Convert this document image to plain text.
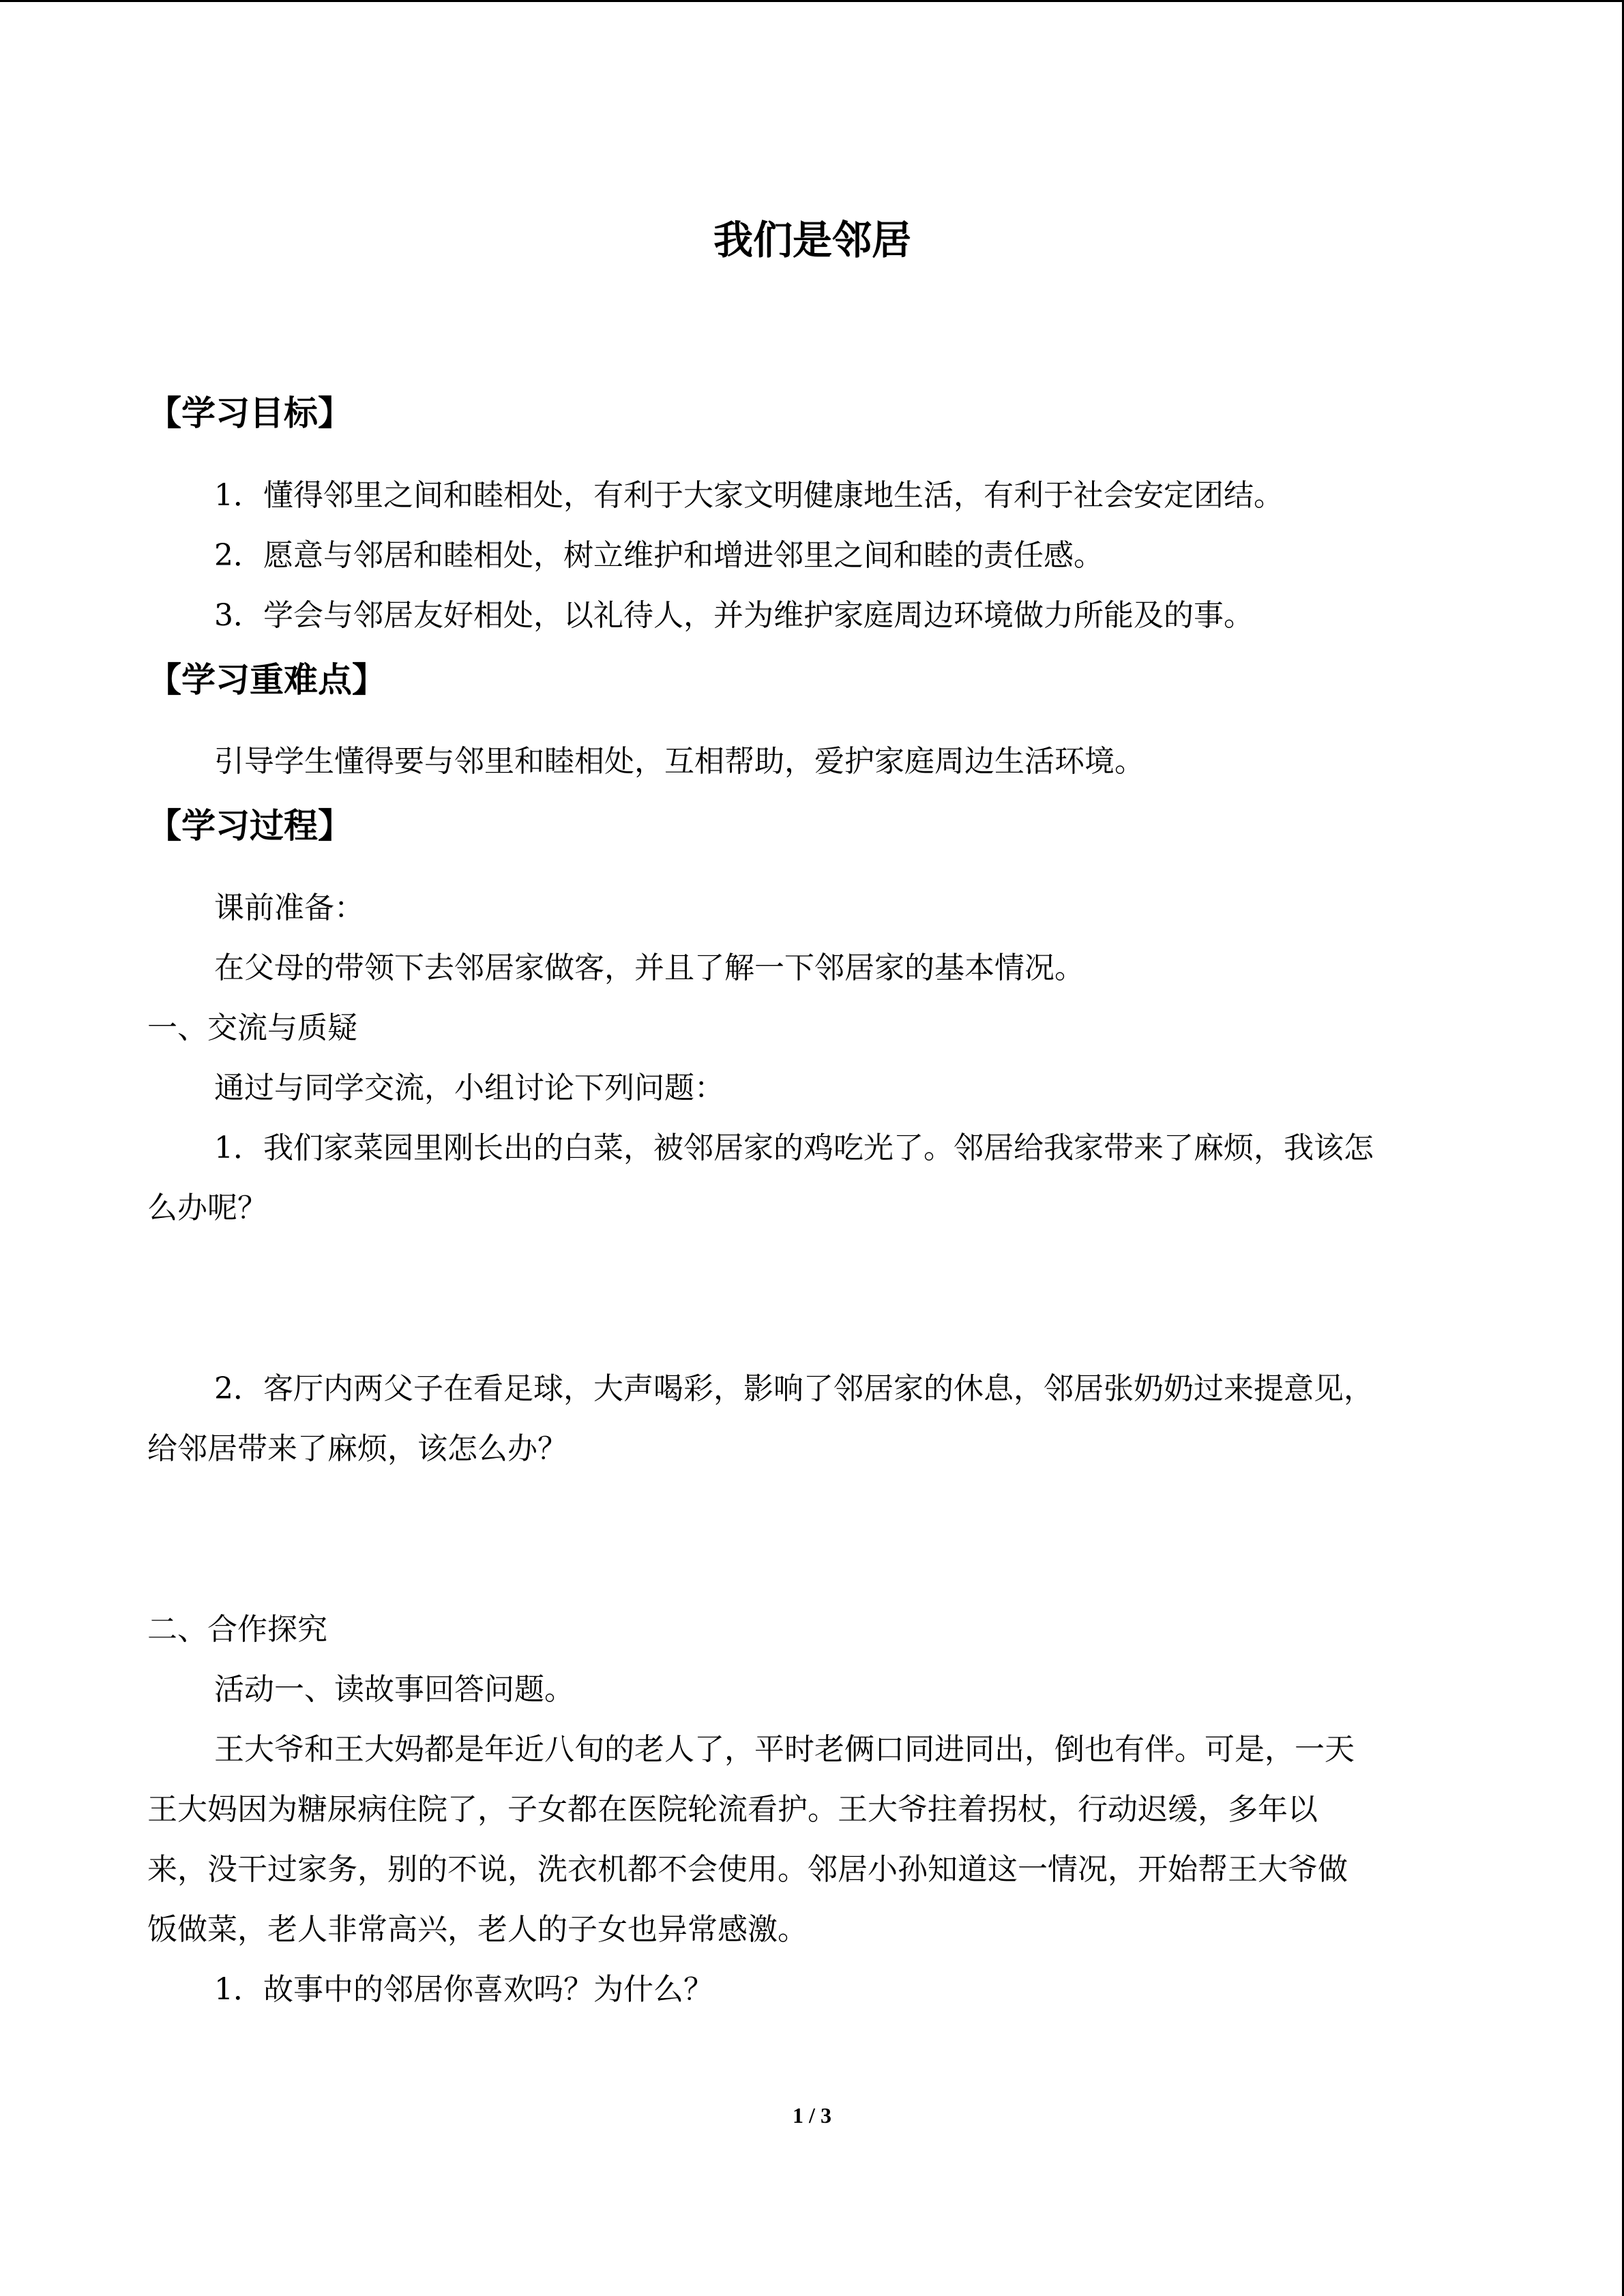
我们是邻居
【学习目标】

1．懂得邻里之间和睦相处，有利于大家文明健康地生活，有利于社会安定团结。

2．愿意与邻居和睦相处，树立维护和增进邻里之间和睦的责任感。

3．学会与邻居友好相处，以礼待人，并为维护家庭周边环境做力所能及的事。

【学习重难点】

引导学生懂得要与邻里和睦相处，互相帮助，爱护家庭周边生活环境。

【学习过程】

课前准备：

在父母的带领下去邻居家做客，并且了解一下邻居家的基本情况。

一、交流与质疑

通过与同学交流，小组讨论下列问题：

1．我们家菜园里刚长出的白菜，被邻居家的鸡吃光了。邻居给我家带来了麻烦，我该怎

么办呢？

2．客厅内两父子在看足球，大声喝彩，影响了邻居家的休息，邻居张奶奶过来提意见，

给邻居带来了麻烦，该怎么办？

二、合作探究

活动一、读故事回答问题。

王大爷和王大妈都是年近八旬的老人了，平时老俩口同进同出，倒也有伴。可是，一天

王大妈因为糖尿病住院了，子女都在医院轮流看护。王大爷拄着拐杖，行动迟缓，多年以

来，没干过家务，别的不说，洗衣机都不会使用。邻居小孙知道这一情况，开始帮王大爷做

饭做菜，老人非常高兴，老人的子女也异常感激。

1．故事中的邻居你喜欢吗？为什么？

1 / 3
